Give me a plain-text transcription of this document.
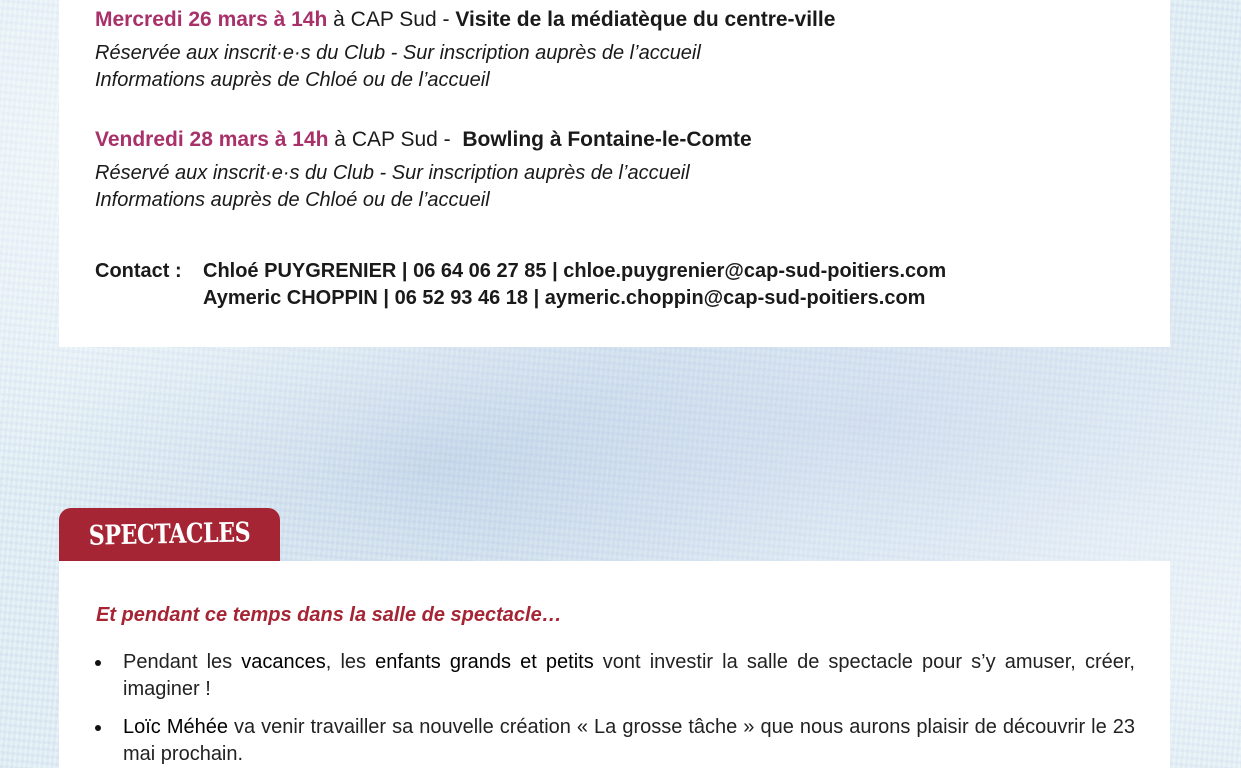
Mercredi 26 mars à 14h à CAP Sud - Visite de la médiatèque du centre-ville
Réservée aux inscrit·e·s du Club - Sur inscription auprès de l’accueil
Informations auprès de Chloé ou de l’accueil
Vendredi 28 mars à 14h à CAP Sud -  Bowling à Fontaine-le-Comte
Réservé aux inscrit·e·s du Club - Sur inscription auprès de l’accueil
Informations auprès de Chloé ou de l’accueil
Contact : Chloé PUYGRENIER | 06 64 06 27 85 | chloe.puygrenier@cap-sud-poitiers.com
Aymeric CHOPPIN | 06 52 93 46 18 | aymeric.choppin@cap-sud-poitiers.com
SPECTACLES
Et pendant ce temps dans la salle de spectacle…
Pendant les vacances, les enfants grands et petits vont investir la salle de spectacle pour s’y amuser, créer, imaginer !
Loïc Méhée va venir travailler sa nouvelle création « La grosse tâche » que nous aurons plaisir de découvrir le 23 mai prochain.
